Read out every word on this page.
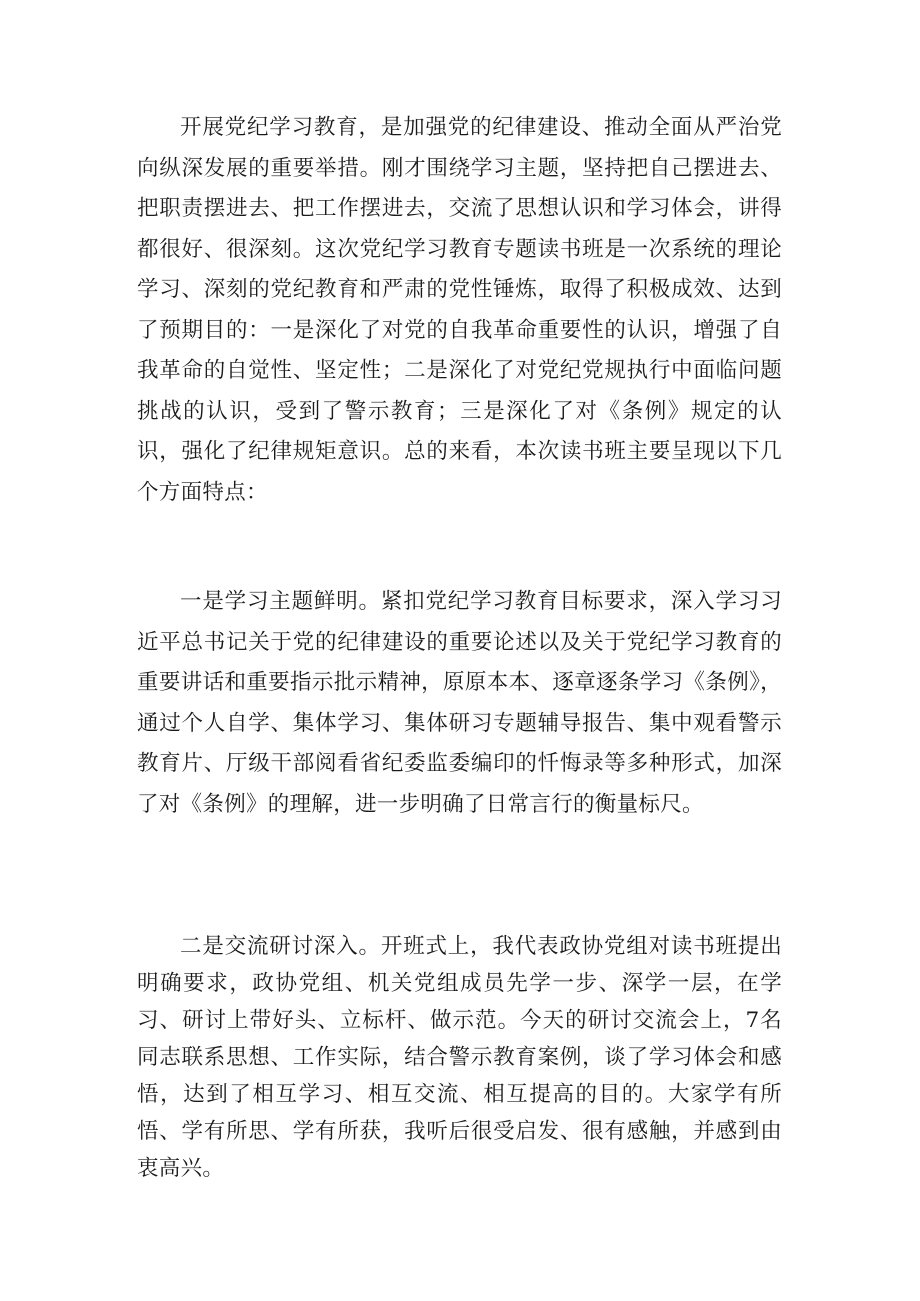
开展党纪学习教育，是加强党的纪律建设、推动全面从严治党向纵深发展的重要举措。刚才围绕学习主题，坚持把自己摆进去、把职责摆进去、把工作摆进去，交流了思想认识和学习体会，讲得都很好、很深刻。这次党纪学习教育专题读书班是一次系统的理论学习、深刻的党纪教育和严肃的党性锤炼，取得了积极成效、达到了预期目的：一是深化了对党的自我革命重要性的认识，增强了自我革命的自觉性、坚定性；二是深化了对党纪党规执行中面临问题挑战的认识，受到了警示教育；三是深化了对《条例》规定的认识，强化了纪律规矩意识。总的来看，本次读书班主要呈现以下几个方面特点：

一是学习主题鲜明。紧扣党纪学习教育目标要求，深入学习习近平总书记关于党的纪律建设的重要论述以及关于党纪学习教育的重要讲话和重要指示批示精神，原原本本、逐章逐条学习《条例》，通过个人自学、集体学习、集体研习专题辅导报告、集中观看警示教育片、厅级干部阅看省纪委监委编印的忏悔录等多种形式，加深了对《条例》的理解，进一步明确了日常言行的衡量标尺。

二是交流研讨深入。开班式上，我代表政协党组对读书班提出明确要求，政协党组、机关党组成员先学一步、深学一层，在学习、研讨上带好头、立标杆、做示范。今天的研讨交流会上，7名同志联系思想、工作实际，结合警示教育案例，谈了学习体会和感悟，达到了相互学习、相互交流、相互提高的目的。大家学有所悟、学有所思、学有所获，我听后很受启发、很有感触，并感到由衷高兴。
